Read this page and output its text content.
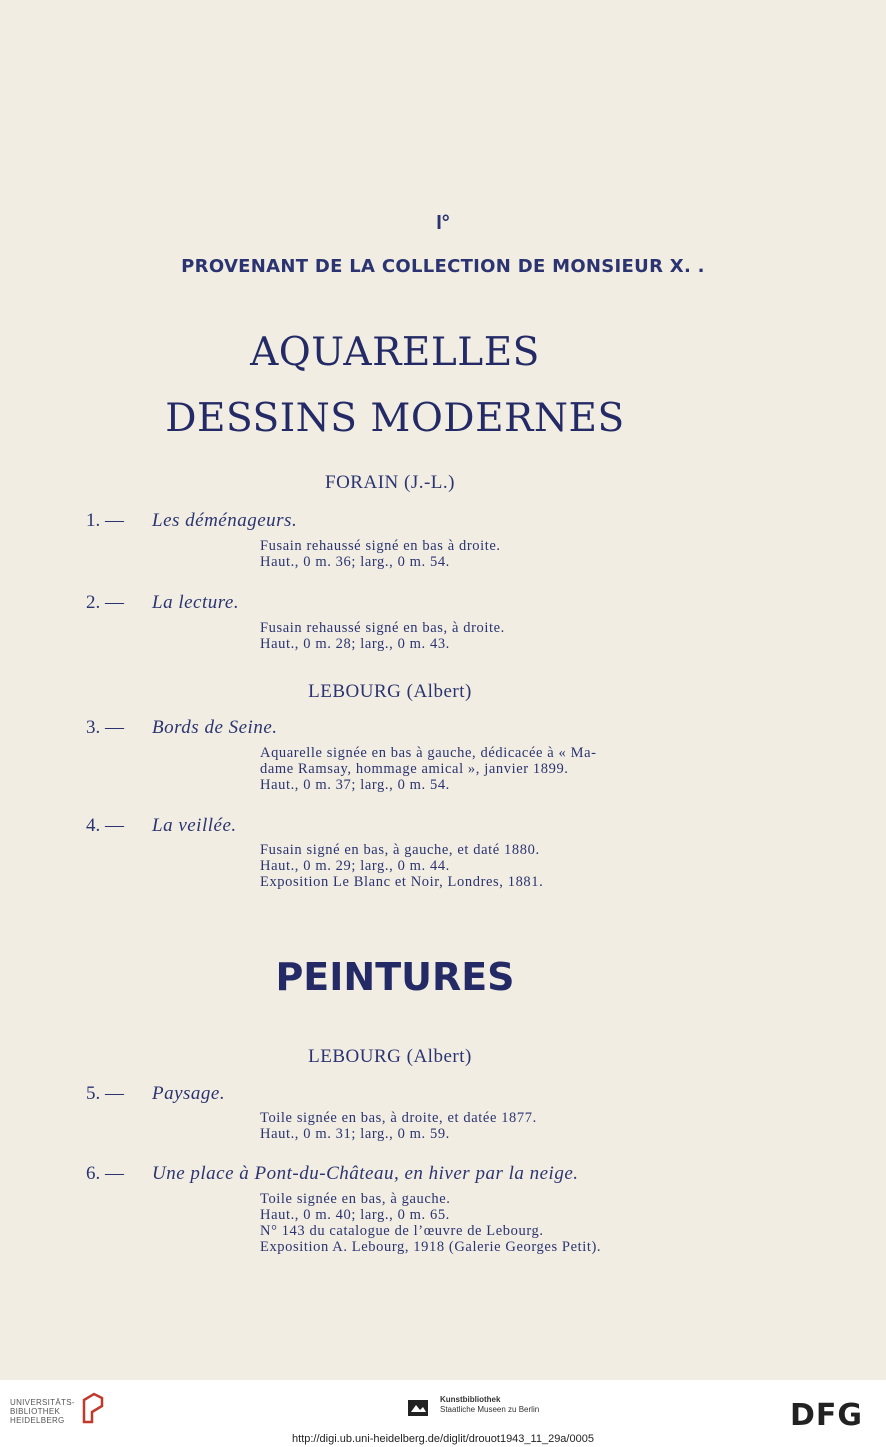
I°
PROVENANT DE LA COLLECTION DE MONSIEUR X. .
AQUARELLES
DESSINS MODERNES
FORAIN (J.-L.)
1. — Les déménageurs.
Fusain rehaussé signé en bas à droite.
Haut., 0 m. 36; larg., 0 m. 54.
2. — La lecture.
Fusain rehaussé signé en bas, à droite.
Haut., 0 m. 28; larg., 0 m. 43.
LEBOURG (Albert)
3. — Bords de Seine.
Aquarelle signée en bas à gauche, dédicacée à « Ma-
dame Ramsay, hommage amical », janvier 1899.
Haut., 0 m. 37; larg., 0 m. 54.
4. — La veillée.
Fusain signé en bas, à gauche, et daté 1880.
Haut., 0 m. 29; larg., 0 m. 44.
Exposition Le Blanc et Noir, Londres, 1881.
PEINTURES
LEBOURG (Albert)
5. — Paysage.
Toile signée en bas, à droite, et datée 1877.
Haut., 0 m. 31; larg., 0 m. 59.
6. — Une place à Pont-du-Château, en hiver par la neige.
Toile signée en bas, à gauche.
Haut., 0 m. 40; larg., 0 m. 65.
N° 143 du catalogue de l’œuvre de Lebourg.
Exposition A. Lebourg, 1918 (Galerie Georges Petit).
UNIVERSITÄTS-
BIBLIOTHEK
HEIDELBERG
Kunstbibliothek
Staatliche Museen zu Berlin	DFG
http://digi.ub.uni-heidelberg.de/diglit/drouot1943_11_29a/0005
